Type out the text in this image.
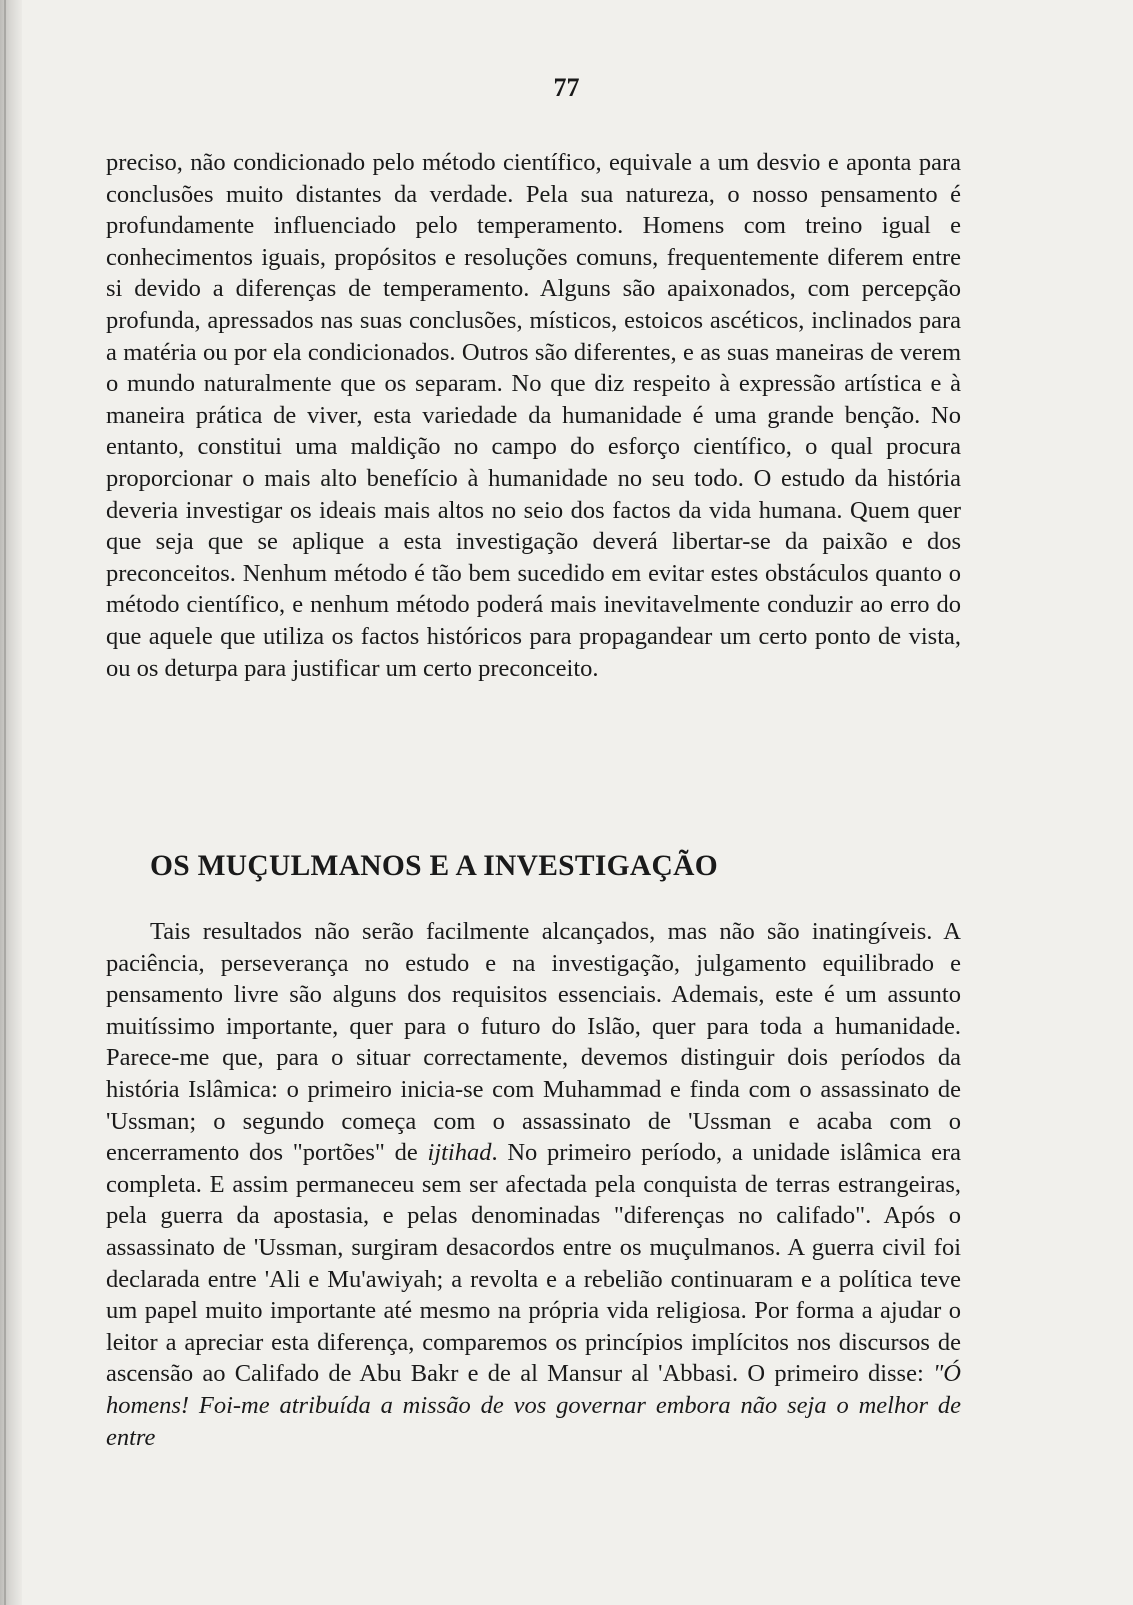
77
preciso, não condicionado pelo método científico, equivale a um desvio e aponta para conclusões muito distantes da verdade. Pela sua natureza, o nosso pensamento é profundamente influenciado pelo temperamento. Homens com treino igual e conhecimentos iguais, propósitos e resoluções comuns, frequentemente diferem entre si devido a diferenças de temperamento. Alguns são apaixonados, com percepção profunda, apressados nas suas conclusões, místicos, estoicos ascéticos, inclinados para a matéria ou por ela condicionados. Outros são diferentes, e as suas maneiras de verem o mundo naturalmente que os separam. No que diz respeito à expressão artística e à maneira prática de viver, esta variedade da humanidade é uma grande benção. No entanto, constitui uma maldição no campo do esforço científico, o qual procura proporcionar o mais alto benefício à humanidade no seu todo. O estudo da história deveria investigar os ideais mais altos no seio dos factos da vida humana. Quem quer que seja que se aplique a esta investigação deverá libertar-se da paixão e dos preconceitos. Nenhum método é tão bem sucedido em evitar estes obstáculos quanto o método científico, e nenhum método poderá mais inevitavelmente conduzir ao erro do que aquele que utiliza os factos históricos para propagandear um certo ponto de vista, ou os deturpa para justificar um certo preconceito.
OS MUÇULMANOS E A INVESTIGAÇÃO
Tais resultados não serão facilmente alcançados, mas não são inatingíveis. A paciência, perseverança no estudo e na investigação, julgamento equilibrado e pensamento livre são alguns dos requisitos essenciais. Ademais, este é um assunto muitíssimo importante, quer para o futuro do Islão, quer para toda a humanidade. Parece-me que, para o situar correctamente, devemos distinguir dois períodos da história Islâmica: o primeiro inicia-se com Muhammad e finda com o assassinato de 'Ussman; o segundo começa com o assassinato de 'Ussman e acaba com o encerramento dos "portões" de ijtihad. No primeiro período, a unidade islâmica era completa. E assim permaneceu sem ser afectada pela conquista de terras estrangeiras, pela guerra da apostasia, e pelas denominadas "diferenças no califado". Após o assassinato de 'Ussman, surgiram desacordos entre os muçulmanos. A guerra civil foi declarada entre 'Ali e Mu'awiyah; a revolta e a rebelião continuaram e a política teve um papel muito importante até mesmo na própria vida religiosa. Por forma a ajudar o leitor a apreciar esta diferença, comparemos os princípios implícitos nos discursos de ascensão ao Califado de Abu Bakr e de al Mansur al 'Abbasi. O primeiro disse: "Ó homens! Foi-me atribuída a missão de vos governar embora não seja o melhor de entre
